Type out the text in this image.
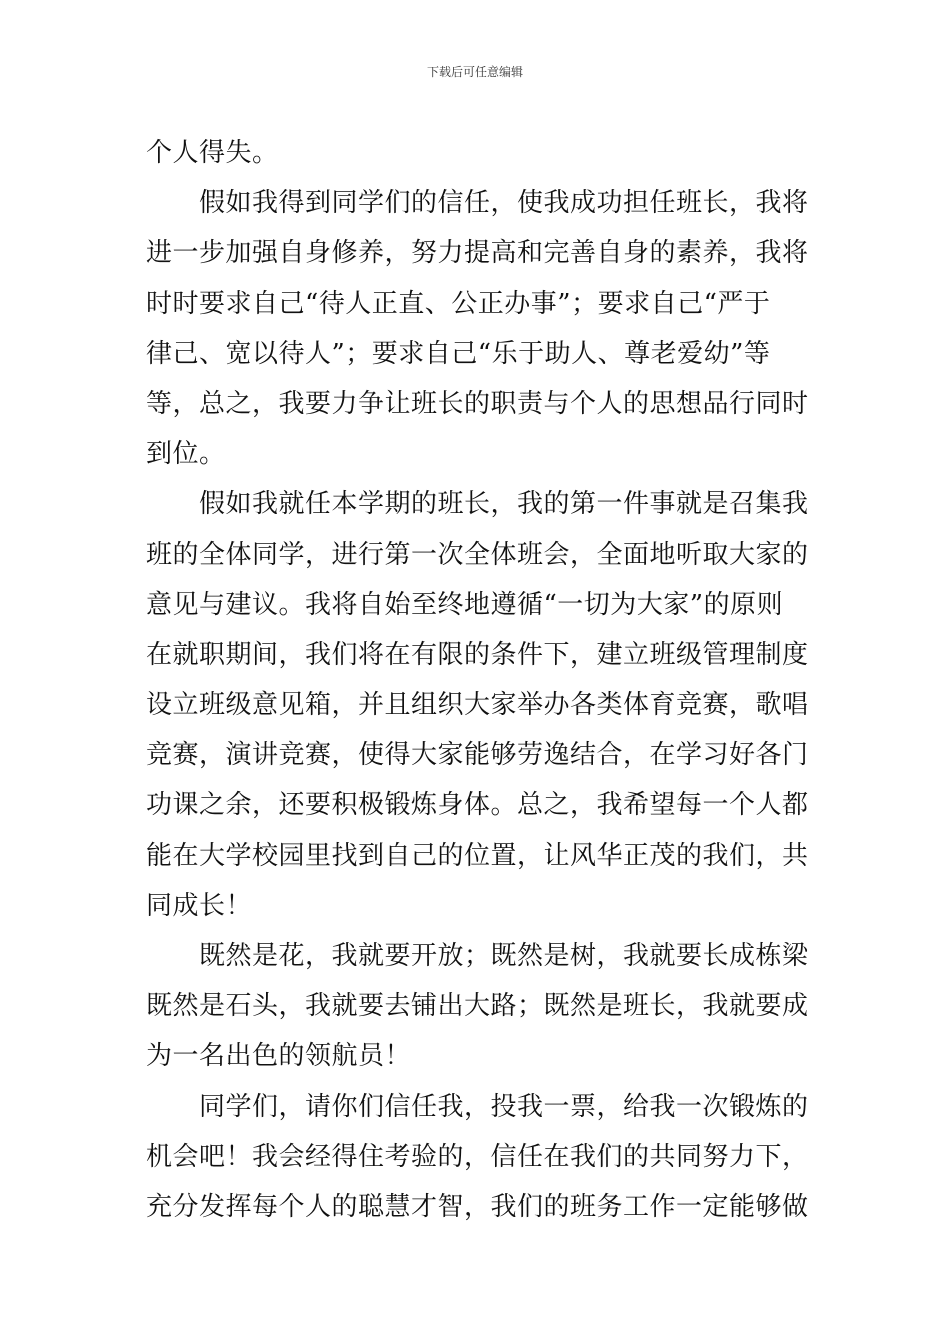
下载后可任意编辑
个人得失。
假如我得到同学们的信任，使我成功担任班长，我将
进一步加强自身修养，努力提高和完善自身的素养，我将
时时要求自己“待人正直、公正办事”；要求自己“严于
律己、宽以待人”；要求自己“乐于助人、尊老爱幼”等
等，总之，我要力争让班长的职责与个人的思想品行同时
到位。
假如我就任本学期的班长，我的第一件事就是召集我
班的全体同学，进行第一次全体班会，全面地听取大家的
意见与建议。我将自始至终地遵循“一切为大家”的原则
在就职期间，我们将在有限的条件下，建立班级管理制度
设立班级意见箱，并且组织大家举办各类体育竞赛，歌唱
竞赛，演讲竞赛，使得大家能够劳逸结合，在学习好各门
功课之余，还要积极锻炼身体。总之，我希望每一个人都
能在大学校园里找到自己的位置，让风华正茂的我们，共
同成长！
既然是花，我就要开放；既然是树，我就要长成栋梁
既然是石头，我就要去铺出大路；既然是班长，我就要成
为一名出色的领航员！
同学们，请你们信任我，投我一票，给我一次锻炼的
机会吧！我会经得住考验的，信任在我们的共同努力下，
充分发挥每个人的聪慧才智，我们的班务工作一定能够做
